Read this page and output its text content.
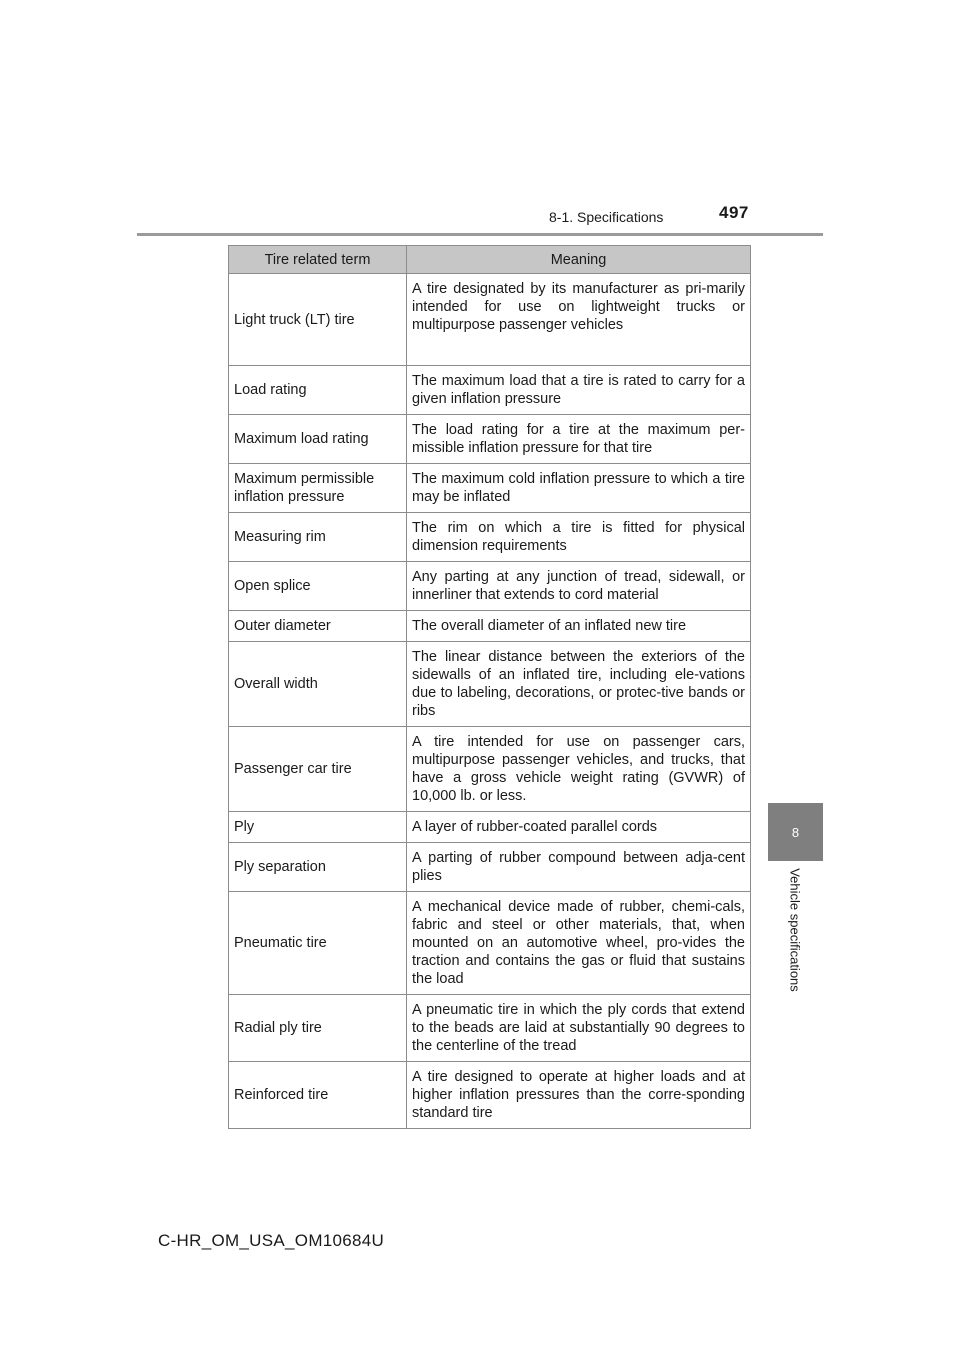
8-1. Specifications	497
8
Vehicle specifications
Tire related term	Meaning
Light truck (LT) tire	A tire designated by its manufacturer as pri-marily intended for use on lightweight trucks or multipurpose passenger vehicles
Load rating	The maximum load that a tire is rated to carry for a given inflation pressure
Maximum load rating	The load rating for a tire at the maximum per-missible inflation pressure for that tire
Maximum permissible inflation pressure	The maximum cold inflation pressure to which a tire may be inflated
Measuring rim	The rim on which a tire is fitted for physical dimension requirements
Open splice	Any parting at any junction of tread, sidewall, or innerliner that extends to cord material
Outer diameter	The overall diameter of an inflated new tire
Overall width	The linear distance between the exteriors of the sidewalls of an inflated tire, including ele-vations due to labeling, decorations, or protec-tive bands or ribs
Passenger car tire	A tire intended for use on passenger cars, multipurpose passenger vehicles, and trucks, that have a gross vehicle weight rating (GVWR) of 10,000 lb. or less.
Ply	A layer of rubber-coated parallel cords
Ply separation	A parting of rubber compound between adja-cent plies
Pneumatic tire	A mechanical device made of rubber, chemi-cals, fabric and steel or other materials, that, when mounted on an automotive wheel, pro-vides the traction and contains the gas or fluid that sustains the load
Radial ply tire	A pneumatic tire in which the ply cords that extend to the beads are laid at substantially 90 degrees to the centerline of the tread
Reinforced tire	A tire designed to operate at higher loads and at higher inflation pressures than the corre-sponding standard tire
C-HR_OM_USA_OM10684U
